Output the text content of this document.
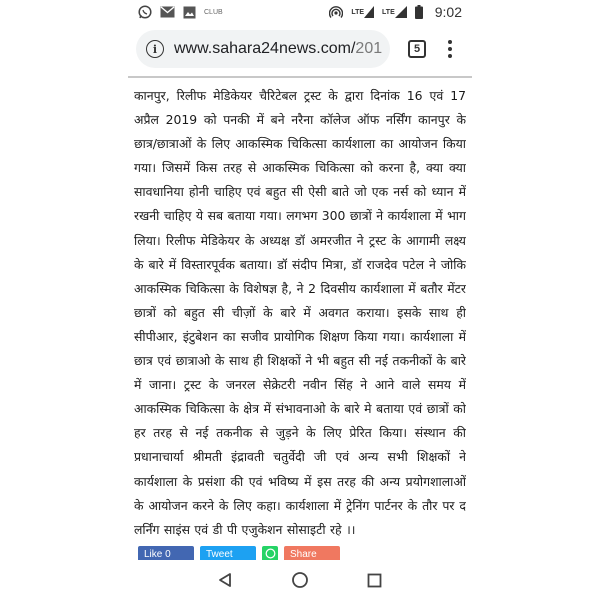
CLUB	LTE	LTE	9:02
i	www.sahara24news.com/201	5

कानपुर, रिलीफ मेडिकेयर चैरिटेबल ट्रस्ट के द्वारा दिनांक 16 एवं 17 अप्रैल 2019 को पनकी में बने नरैना कॉलेज ऑफ नर्सिंग कानपुर के छात्र/छात्राओं के लिए आकस्मिक चिकित्सा कार्यशाला का आयोजन किया गया। जिसमें किस तरह से आकस्मिक चिकित्सा को करना है, क्या क्या सावधानिया होनी चाहिए एवं बहुत सी ऐसी बाते जो एक नर्स को ध्यान में रखनी चाहिए ये सब बताया गया। लगभग 300 छात्रों ने कार्यशाला में भाग लिया। रिलीफ मेडिकेयर के अध्यक्ष डॉ अमरजीत ने ट्रस्ट के आगामी लक्ष्य के बारे में विस्तारपूर्वक बताया। डॉ संदीप मित्रा, डॉ राजदेव पटेल ने जोकि आकस्मिक चिकित्सा के विशेषज्ञ है, ने 2 दिवसीय कार्यशाला में बतौर मेंटर छात्रों को बहुत सी चीज़ों के बारे में अवगत कराया। इसके साथ ही सीपीआर, इंटुबेशन का सजीव प्रायोगिक शिक्षण किया गया। कार्यशाला में छात्र एवं छात्राओ के साथ ही शिक्षकों ने भी बहुत सी नई तकनीकों के बारे में जाना। ट्रस्ट के जनरल सेक्रेटरी नवीन सिंह ने आने वाले समय में आकस्मिक चिकित्सा के क्षेत्र में संभावनाओ के बारे मे बताया एवं छात्रों को हर तरह से नई तकनीक से जुड़ने के लिए प्रेरित किया। संस्थान की प्रधानाचार्या श्रीमती इंद्रावती चतुर्वेदी जी एवं अन्य सभी शिक्षकों ने कार्यशाला के प्रसंशा की एवं भविष्य में इस तरह की अन्य प्रयोगशालाओं के आयोजन करने के लिए कहा। कार्यशाला में ट्रेनिंग पार्टनर के तौर पर द लर्निंग साइंस एवं डी पी एजुकेशन सोसाइटी रहे ।।

Like 0	Tweet	Share
